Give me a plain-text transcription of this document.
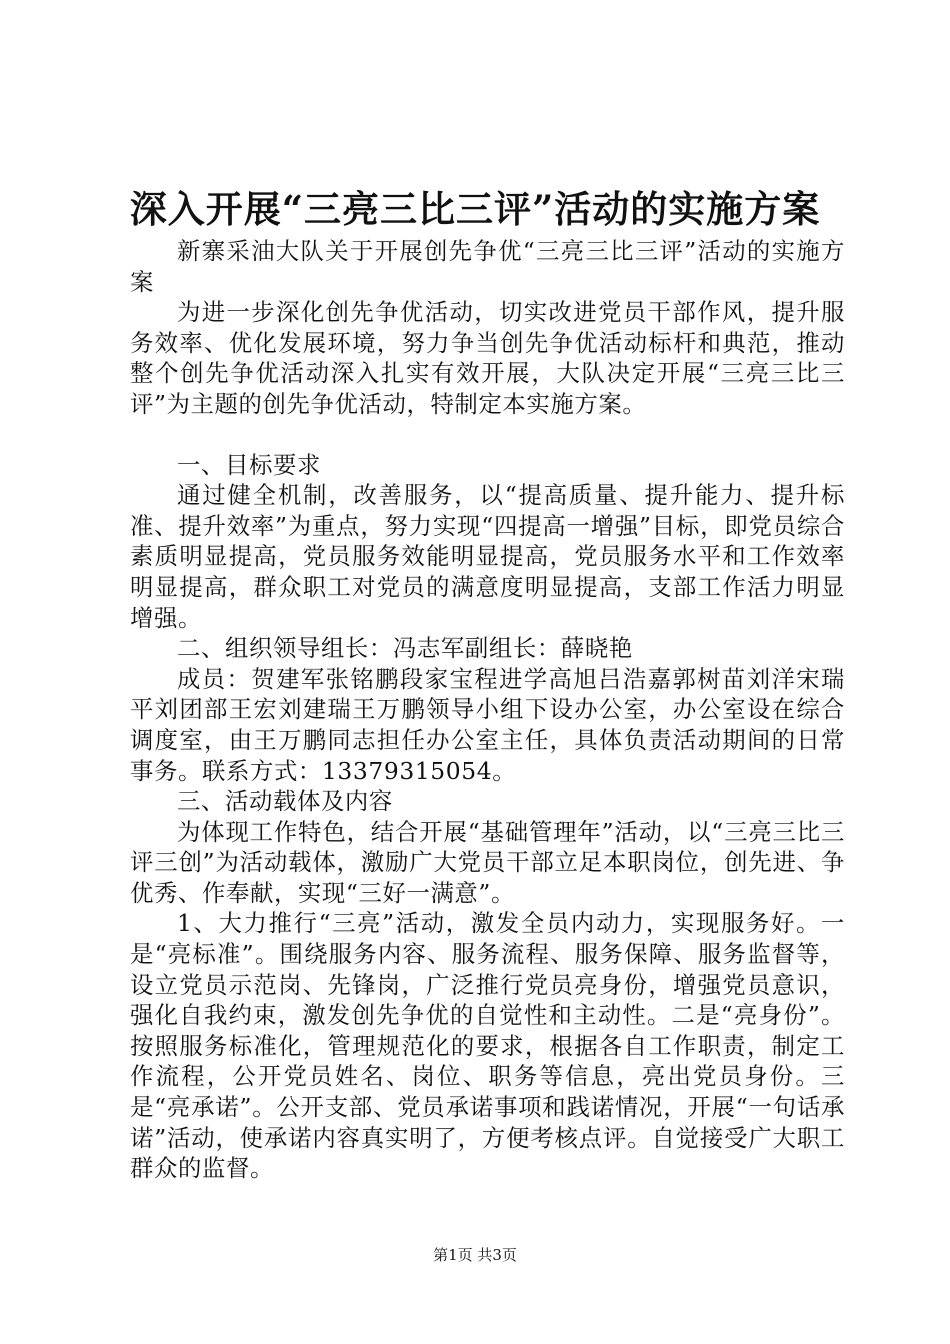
深入开展“三亮三比三评”活动的实施方案

新寨采油大队关于开展创先争优“三亮三比三评”活动的实施方案

为进一步深化创先争优活动，切实改进党员干部作风，提升服务效率、优化发展环境，努力争当创先争优活动标杆和典范，推动整个创先争优活动深入扎实有效开展，大队决定开展“三亮三比三评”为主题的创先争优活动，特制定本实施方案。

一、目标要求

通过健全机制，改善服务，以“提高质量、提升能力、提升标准、提升效率”为重点，努力实现“四提高一增强”目标，即党员综合素质明显提高，党员服务效能明显提高，党员服务水平和工作效率明显提高，群众职工对党员的满意度明显提高，支部工作活力明显增强。

二、组织领导组长：冯志军副组长：薛晓艳

成员：贺建军张铭鹏段家宝程进学高旭吕浩嘉郭树苗刘洋宋瑞平刘团部王宏刘建瑞王万鹏领导小组下设办公室，办公室设在综合调度室，由王万鹏同志担任办公室主任，具体负责活动期间的日常事务。联系方式：13379315054。

三、活动载体及内容

为体现工作特色，结合开展“基础管理年”活动，以“三亮三比三评三创”为活动载体，激励广大党员干部立足本职岗位，创先进、争优秀、作奉献，实现“三好一满意”。

1、大力推行“三亮”活动，激发全员内动力，实现服务好。一是“亮标准”。围绕服务内容、服务流程、服务保障、服务监督等，设立党员示范岗、先锋岗，广泛推行党员亮身份，增强党员意识，强化自我约束，激发创先争优的自觉性和主动性。二是“亮身份”。按照服务标准化，管理规范化的要求，根据各自工作职责，制定工作流程，公开党员姓名、岗位、职务等信息，亮出党员身份。三是“亮承诺”。公开支部、党员承诺事项和践诺情况，开展“一句话承诺”活动，使承诺内容真实明了，方便考核点评。自觉接受广大职工群众的监督。

第1页 共3页
